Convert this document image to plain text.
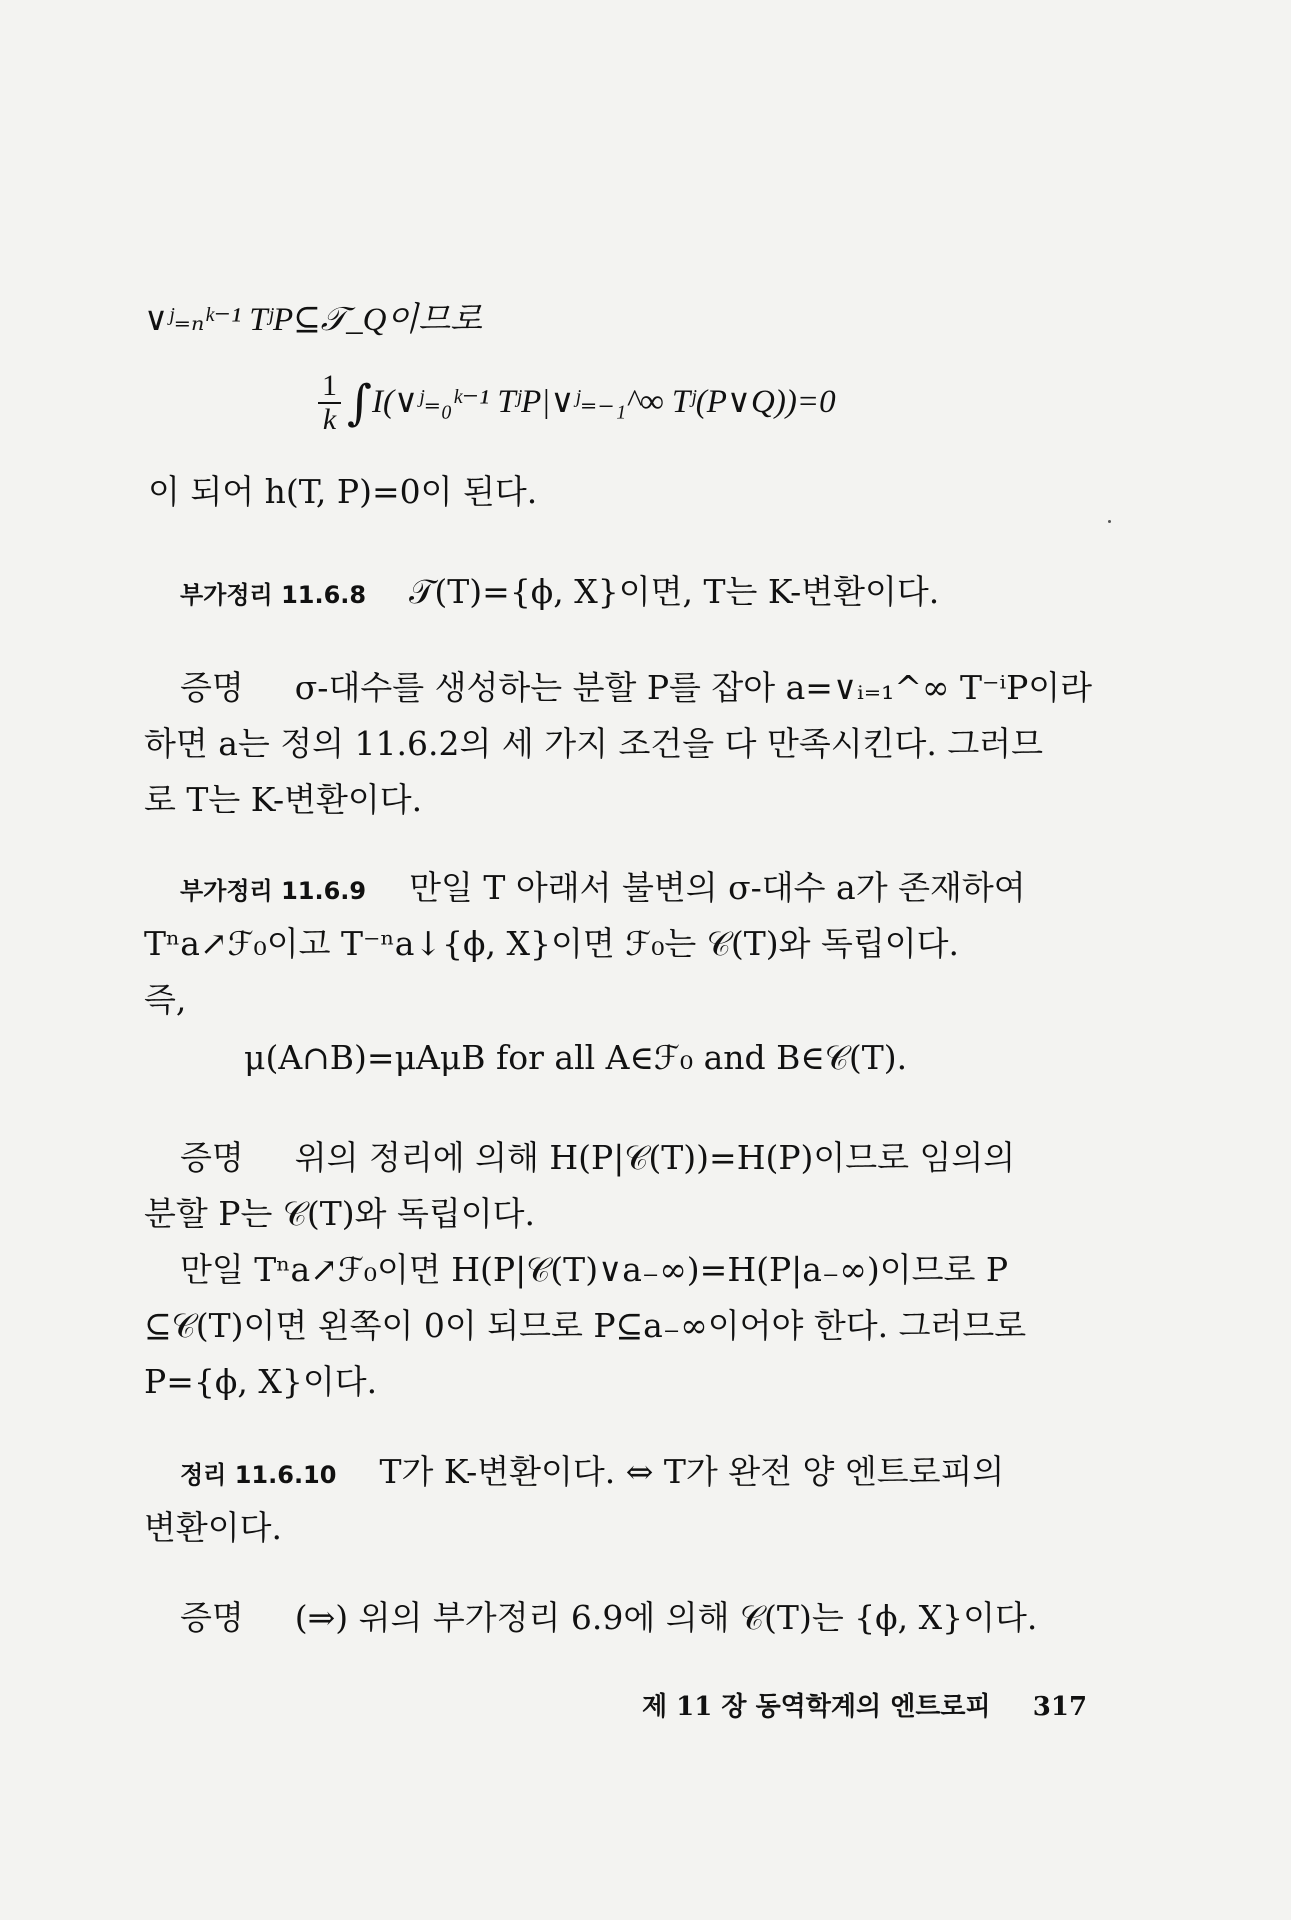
∨ʲ₌ₙᵏ⁻¹ TʲP⊆𝒯_Q이므로
$\frac{1}{k}$ ∫I(∨ʲ₌₀ᵏ⁻¹ TʲP|∨ʲ₌₋₁^∞ Tʲ(P∨Q))=0
이 되어 h(T, P)=0이 된다.
부가정리 11.6.8 𝒯(T)={ϕ, X}이면, T는 K-변환이다.
증명 σ-대수를 생성하는 분할 P를 잡아 a=∨ᵢ₌₁^∞ T⁻ⁱP이라
하면 a는 정의 11.6.2의 세 가지 조건을 다 만족시킨다. 그러므
로 T는 K-변환이다.
부가정리 11.6.9 만일 T 아래서 불변의 σ-대수 a가 존재하여
Tⁿa↗ℱ₀이고 T⁻ⁿa↓{ϕ, X}이면 ℱ₀는 𝒞(T)와 독립이다.
즉,
μ(A∩B)=μAμB for all A∈ℱ₀ and B∈𝒞(T).
증명 위의 정리에 의해 H(P|𝒞(T))=H(P)이므로 임의의
분할 P는 𝒞(T)와 독립이다.
만일 Tⁿa↗ℱ₀이면 H(P|𝒞(T)∨a₋∞)=H(P|a₋∞)이므로 P
⊆𝒞(T)이면 왼쪽이 0이 되므로 P⊆a₋∞이어야 한다. 그러므로
P={ϕ, X}이다.
정리 11.6.10 T가 K-변환이다. ⇔ T가 완전 양 엔트로피의
변환이다.
증명 (⇒) 위의 부가정리 6.9에 의해 𝒞(T)는 {ϕ, X}이다.
제 11 장 동역학계의 엔트로피 317
